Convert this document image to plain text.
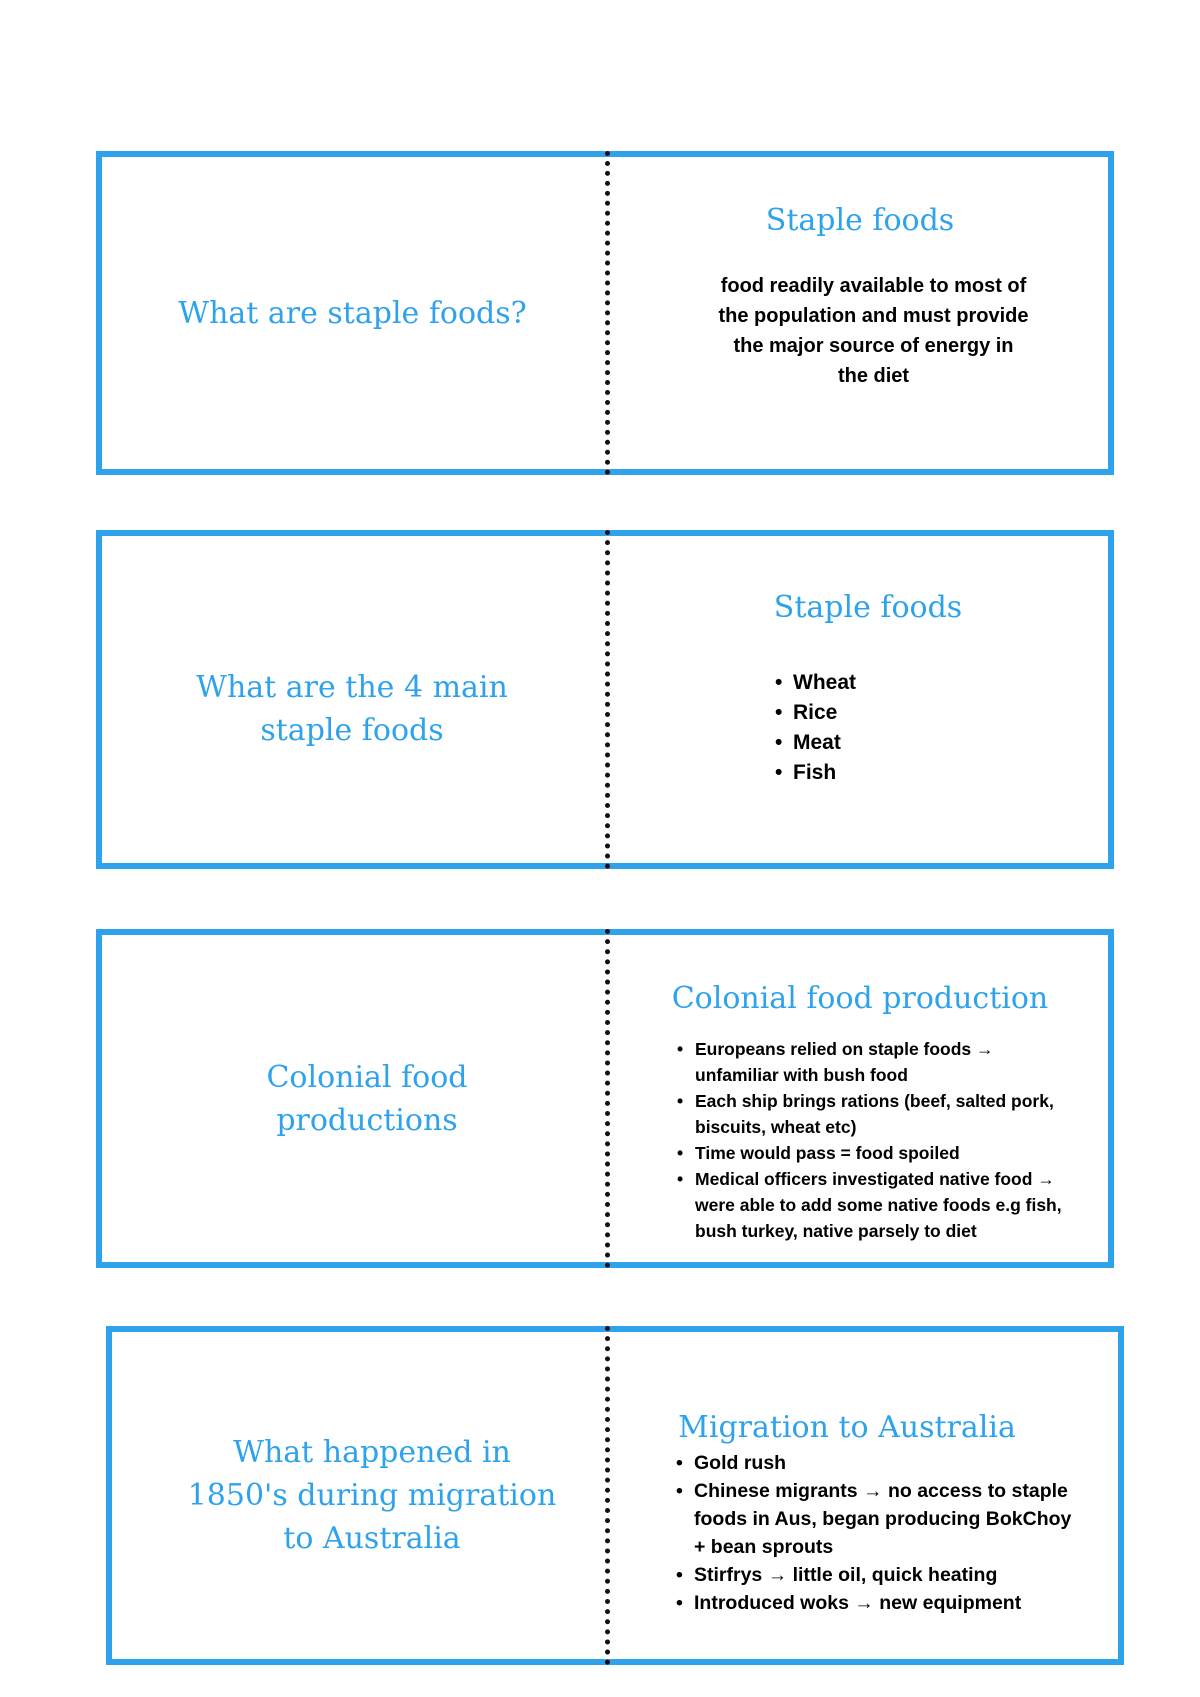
What are staple foods?
Staple foods
food readily available to most of the population and must provide the major source of energy in the diet
What are the 4 main staple foods
Staple foods
• Wheat
• Rice
• Meat
• Fish
Colonial food productions
Colonial food production
• Europeans relied on staple foods → unfamiliar with bush food
• Each ship brings rations (beef, salted pork, biscuits, wheat etc)
• Time would pass = food spoiled
• Medical officers investigated native food → were able to add some native foods e.g fish, bush turkey, native parsely to diet
What happened in 1850's during migration to Australia
Migration to Australia
• Gold rush
• Chinese migrants → no access to staple foods in Aus, began producing BokChoy + bean sprouts
• Stirfrys → little oil, quick heating
• Introduced woks → new equipment
